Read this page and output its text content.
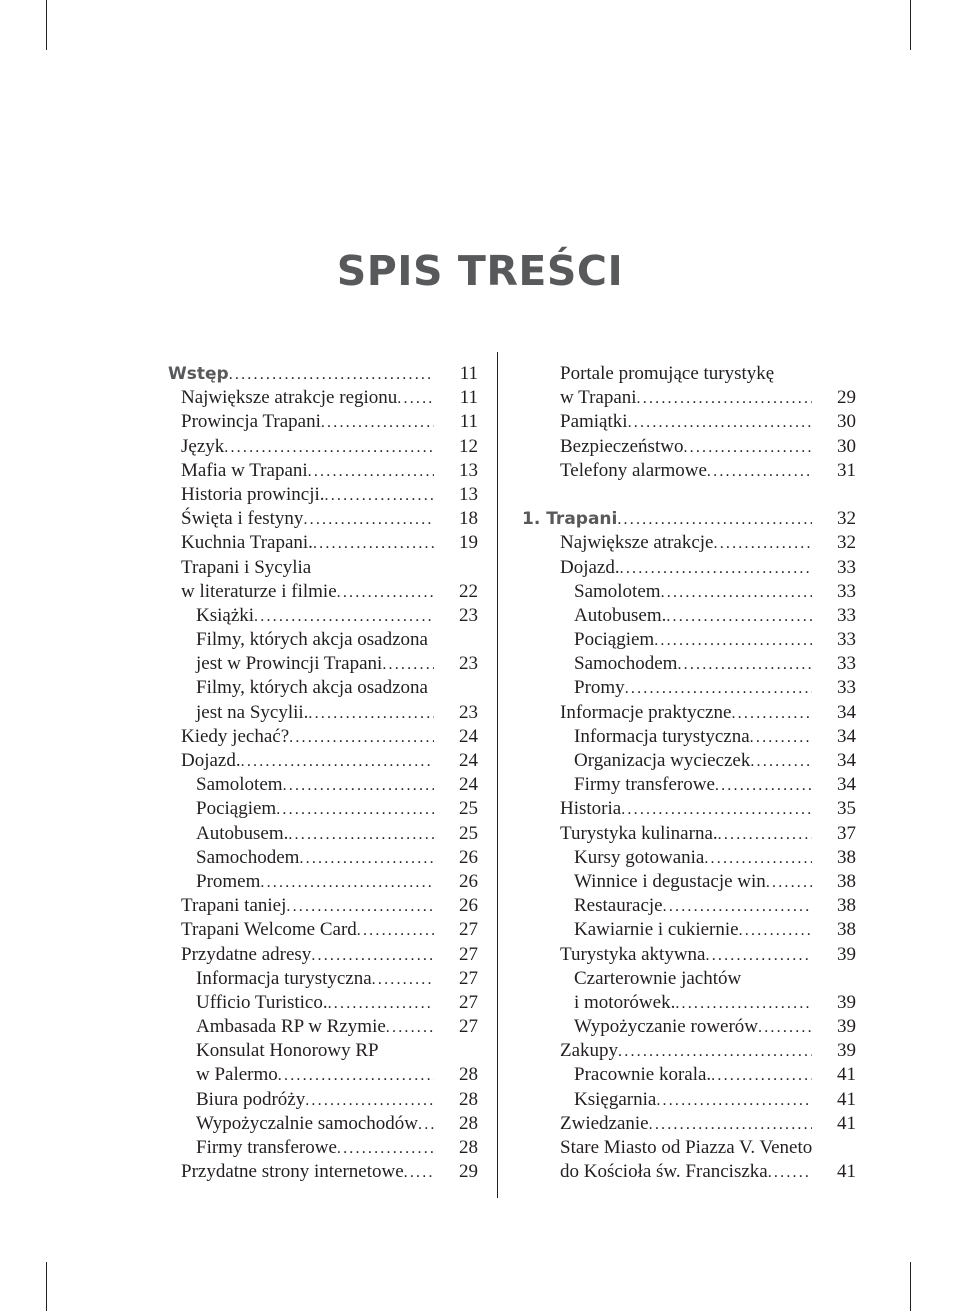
SPIS TREŚCI
Wstęp .....	11
Największe atrakcje regionu .....	11
Prowincja Trapani .....	11
Język .....	12
Mafia w Trapani .....	13
Historia prowincji. .....	13
Święta i festyny .....	18
Kuchnia Trapani. .....	19
Trapani i Sycylia
w literaturze i filmie .....	22
Książki .....	23
Filmy, których akcja osadzona
jest w Prowincji Trapani .....	23
Filmy, których akcja osadzona
jest na Sycylii. .....	23
Kiedy jechać? .....	24
Dojazd. .....	24
Samolotem .....	24
Pociągiem .....	25
Autobusem. .....	25
Samochodem .....	26
Promem .....	26
Trapani taniej .....	26
Trapani Welcome Card .....	27
Przydatne adresy .....	27
Informacja turystyczna .....	27
Ufficio Turistico. .....	27
Ambasada RP w Rzymie .....	27
Konsulat Honorowy RP
w Palermo .....	28
Biura podróży .....	28
Wypożyczalnie samochodów .....	28
Firmy transferowe .....	28
Przydatne strony internetowe .....	29
Portale promujące turystykę
w Trapani .....	29
Pamiątki .....	30
Bezpieczeństwo .....	30
Telefony alarmowe .....	31
1. Trapani .....	32
Największe atrakcje .....	32
Dojazd. .....	33
Samolotem .....	33
Autobusem. .....	33
Pociągiem .....	33
Samochodem .....	33
Promy .....	33
Informacje praktyczne .....	34
Informacja turystyczna .....	34
Organizacja wycieczek .....	34
Firmy transferowe .....	34
Historia .....	35
Turystyka kulinarna. .....	37
Kursy gotowania .....	38
Winnice i degustacje win .....	38
Restauracje .....	38
Kawiarnie i cukiernie .....	38
Turystyka aktywna .....	39
Czarterownie jachtów
i motorówek. .....	39
Wypożyczanie rowerów .....	39
Zakupy .....	39
Pracownie korala. .....	41
Księgarnia .....	41
Zwiedzanie .....	41
Stare Miasto od Piazza V. Veneto
do Kościoła św. Franciszka .....	41
